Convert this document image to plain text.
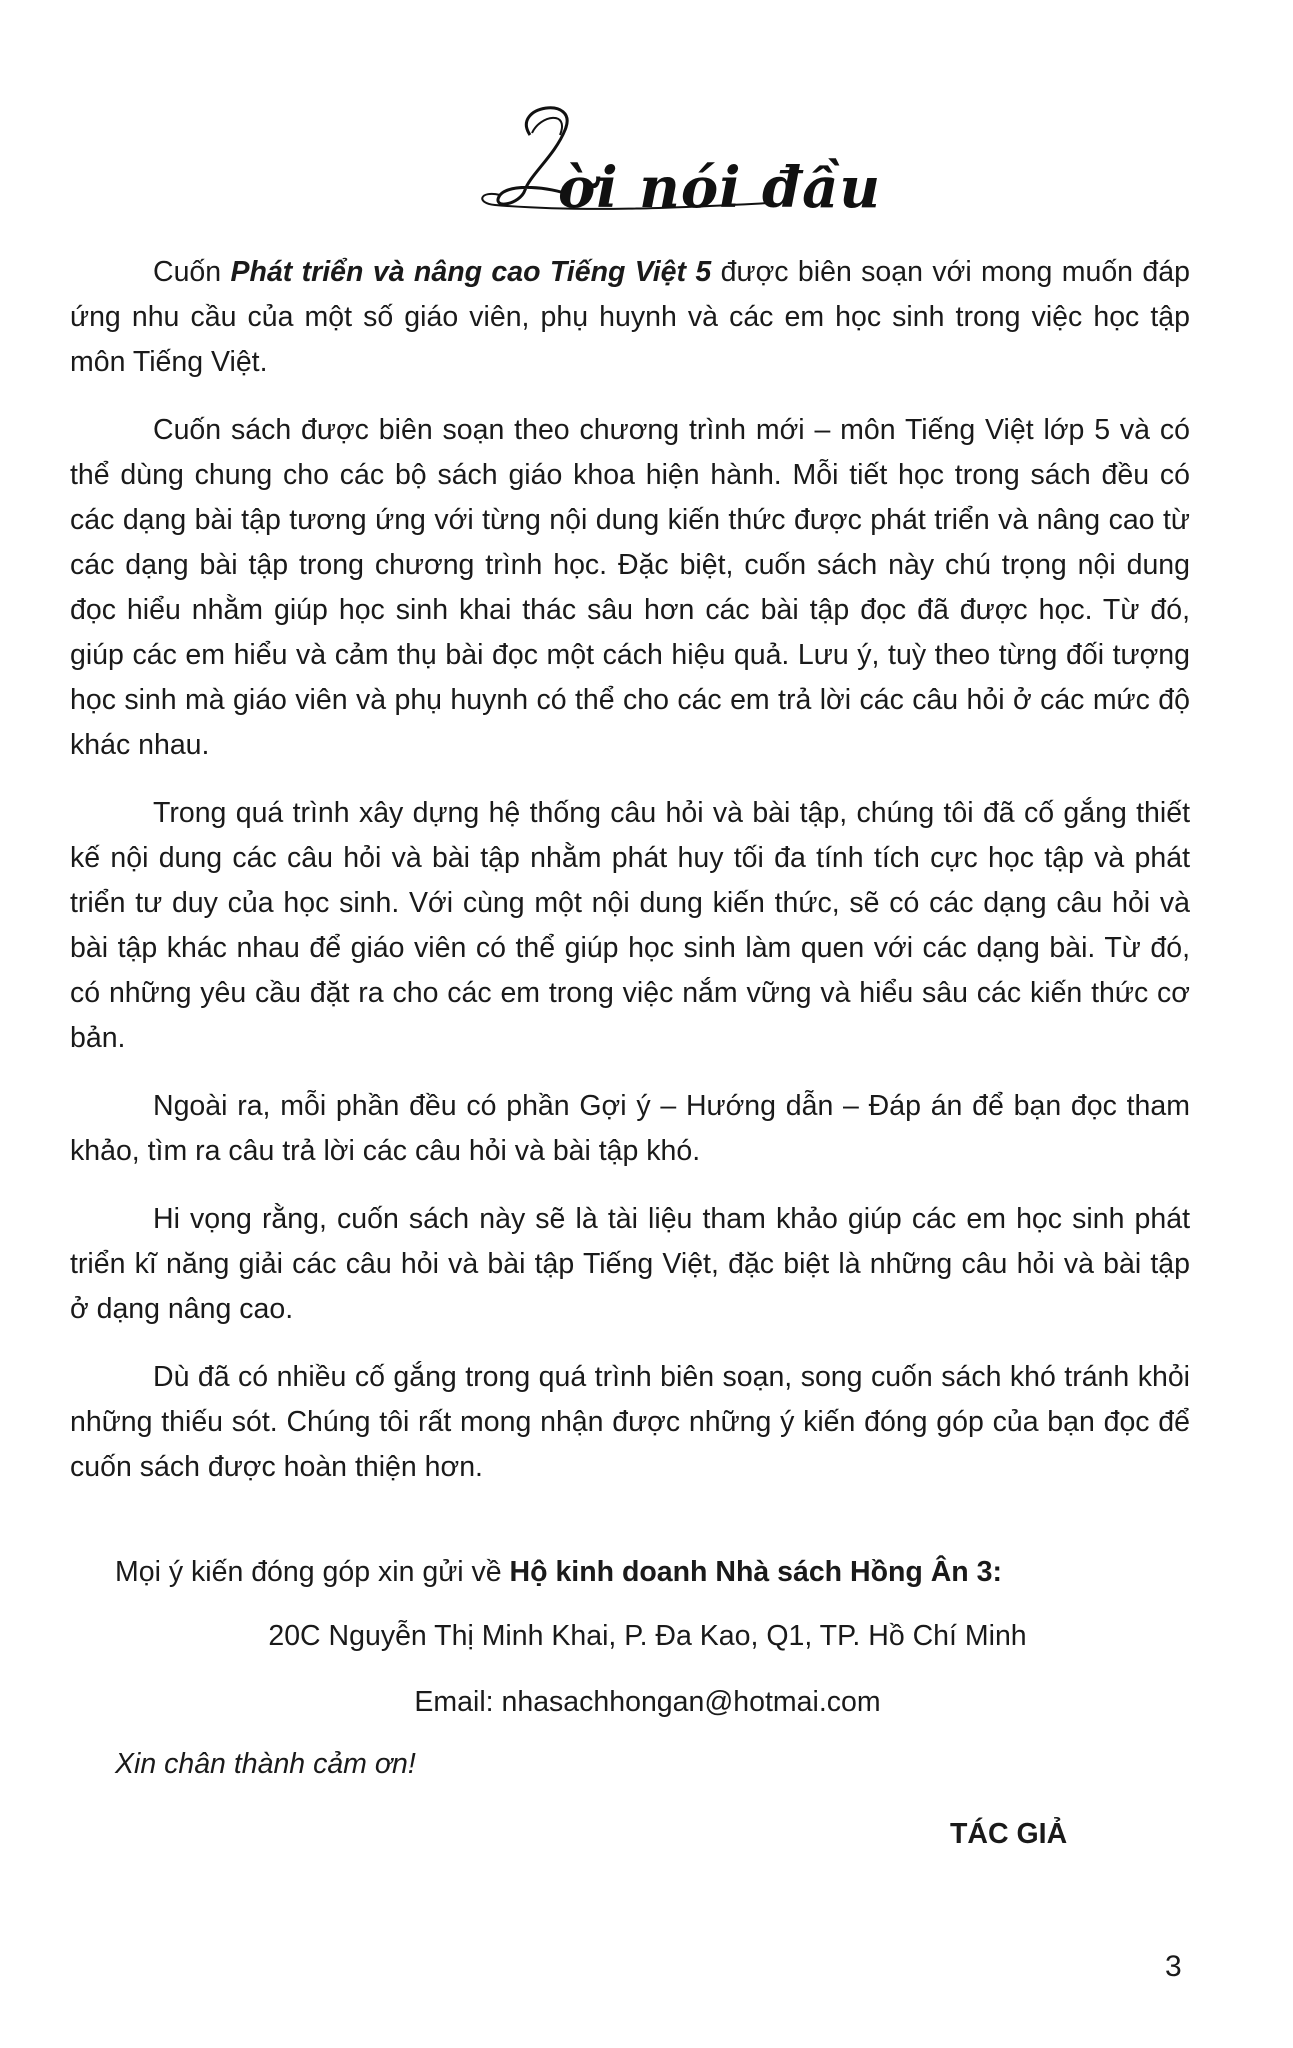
ời nói đầu

Cuốn Phát triển và nâng cao Tiếng Việt 5 được biên soạn với mong muốn đáp ứng nhu cầu của một số giáo viên, phụ huynh và các em học sinh trong việc học tập môn Tiếng Việt.

Cuốn sách được biên soạn theo chương trình mới – môn Tiếng Việt lớp 5 và có thể dùng chung cho các bộ sách giáo khoa hiện hành. Mỗi tiết học trong sách đều có các dạng bài tập tương ứng với từng nội dung kiến thức được phát triển và nâng cao từ các dạng bài tập trong chương trình học. Đặc biệt, cuốn sách này chú trọng nội dung đọc hiểu nhằm giúp học sinh khai thác sâu hơn các bài tập đọc đã được học. Từ đó, giúp các em hiểu và cảm thụ bài đọc một cách hiệu quả. Lưu ý, tuỳ theo từng đối tượng học sinh mà giáo viên và phụ huynh có thể cho các em trả lời các câu hỏi ở các mức độ khác nhau.

Trong quá trình xây dựng hệ thống câu hỏi và bài tập, chúng tôi đã cố gắng thiết kế nội dung các câu hỏi và bài tập nhằm phát huy tối đa tính tích cực học tập và phát triển tư duy của học sinh. Với cùng một nội dung kiến thức, sẽ có các dạng câu hỏi và bài tập khác nhau để giáo viên có thể giúp học sinh làm quen với các dạng bài. Từ đó, có những yêu cầu đặt ra cho các em trong việc nắm vững và hiểu sâu các kiến thức cơ bản.

Ngoài ra, mỗi phần đều có phần Gợi ý – Hướng dẫn – Đáp án để bạn đọc tham khảo, tìm ra câu trả lời các câu hỏi và bài tập khó.

Hi vọng rằng, cuốn sách này sẽ là tài liệu tham khảo giúp các em học sinh phát triển kĩ năng giải các câu hỏi và bài tập Tiếng Việt, đặc biệt là những câu hỏi và bài tập ở dạng nâng cao.

Dù đã có nhiều cố gắng trong quá trình biên soạn, song cuốn sách khó tránh khỏi những thiếu sót. Chúng tôi rất mong nhận được những ý kiến đóng góp của bạn đọc để cuốn sách được hoàn thiện hơn.

Mọi ý kiến đóng góp xin gửi về Hộ kinh doanh Nhà sách Hồng Ân 3:
20C Nguyễn Thị Minh Khai, P. Đa Kao, Q1, TP. Hồ Chí Minh
Email: nhasachhongan@hotmai.com
Xin chân thành cảm ơn!
TÁC GIẢ
3
